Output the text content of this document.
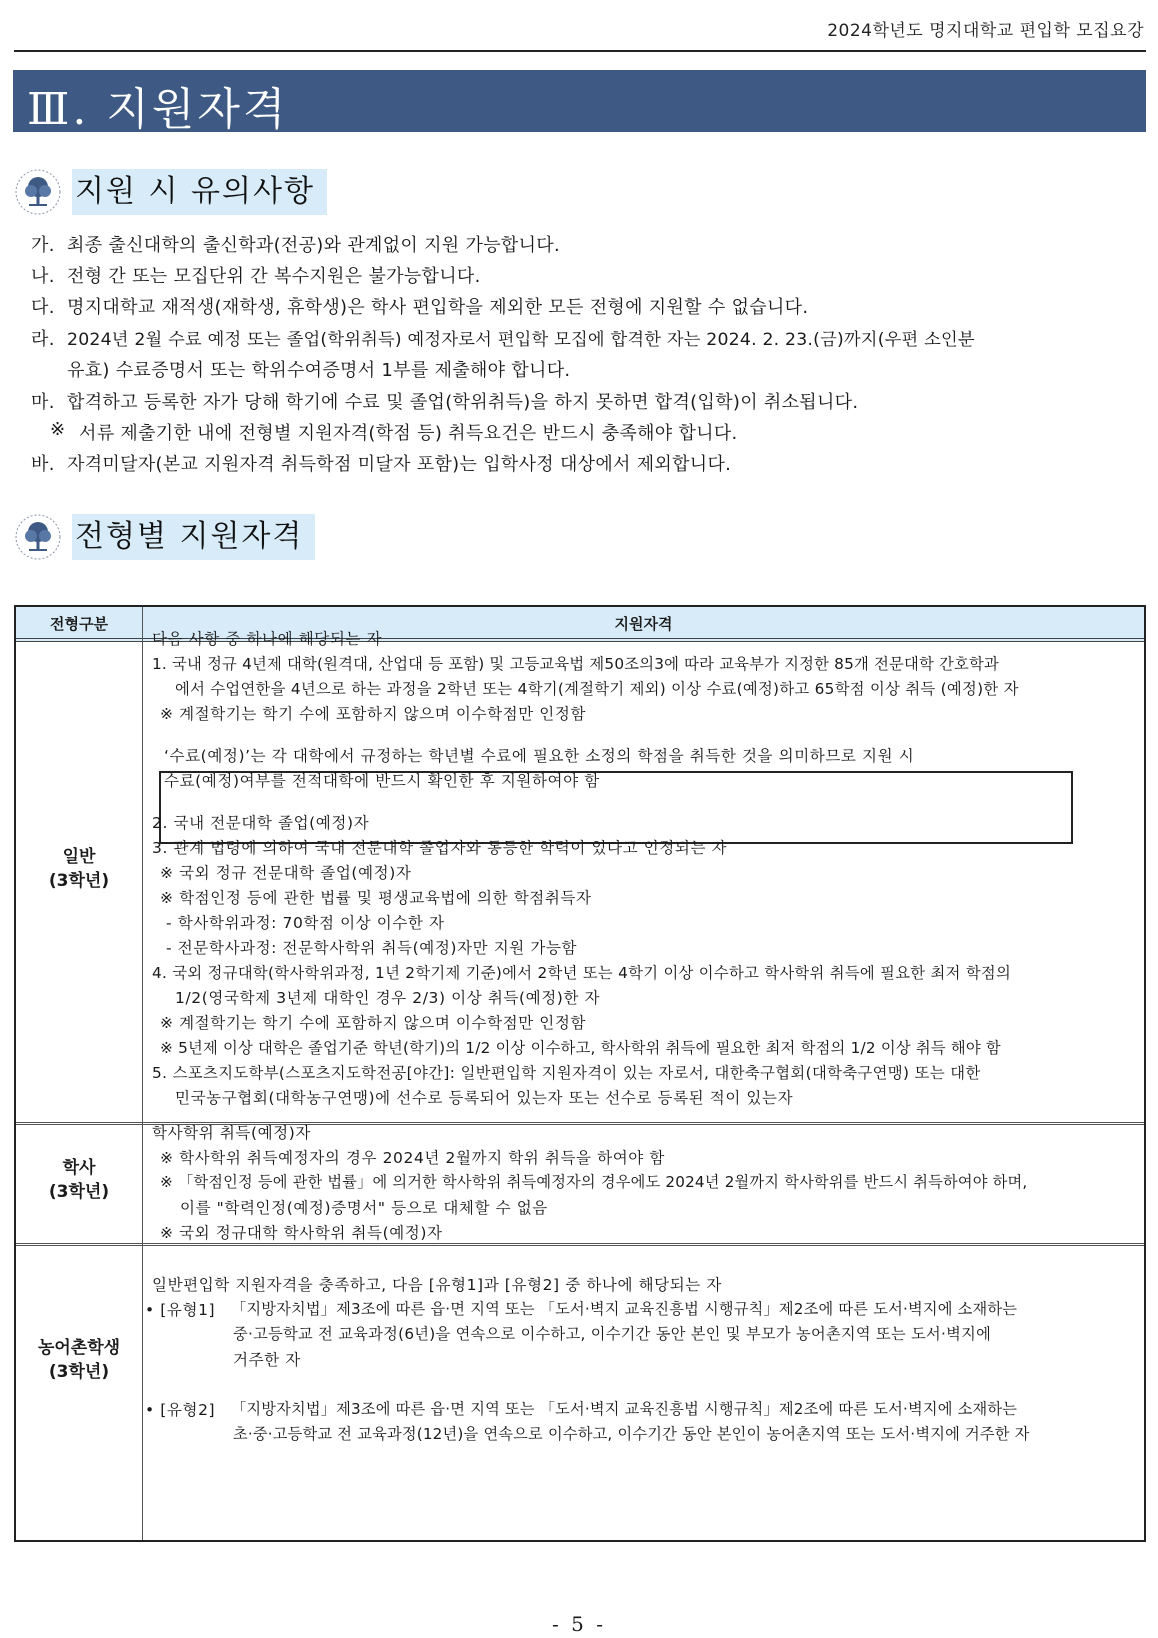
2024학년도 명지대학교 편입학 모집요강
Ⅲ. 지원자격
지원 시 유의사항
가. 최종 출신대학의 출신학과(전공)와 관계없이 지원 가능합니다.
나. 전형 간 또는 모집단위 간 복수지원은 불가능합니다.
다. 명지대학교 재적생(재학생, 휴학생)은 학사 편입학을 제외한 모든 전형에 지원할 수 없습니다.
라. 2024년 2월 수료 예정 또는 졸업(학위취득) 예정자로서 편입학 모집에 합격한 자는 2024. 2. 23.(금)까지(우편 소인분
유효) 수료증명서 또는 학위수여증명서 1부를 제출해야 합니다.
마. 합격하고 등록한 자가 당해 학기에 수료 및 졸업(학위취득)을 하지 못하면 합격(입학)이 취소됩니다.
※ 서류 제출기한 내에 전형별 지원자격(학점 등) 취득요건은 반드시 충족해야 합니다.
바. 자격미달자(본교 지원자격 취득학점 미달자 포함)는 입학사정 대상에서 제외합니다.
전형별 지원자격
전형구분	지원자격
일반
(3학년)
학사
(3학년)
농어촌학생
(3학년)
다음 사항 중 하나에 해당되는 자
1. 국내 정규 4년제 대학(원격대, 산업대 등 포함) 및 고등교육법 제50조의3에 따라 교육부가 지정한 85개 전문대학 간호학과
에서 수업연한을 4년으로 하는 과정을 2학년 또는 4학기(계절학기 제외) 이상 수료(예정)하고 65학점 이상 취득 (예정)한 자
※ 계절학기는 학기 수에 포함하지 않으며 이수학점만 인정함
‘수료(예정)’는 각 대학에서 규정하는 학년별 수료에 필요한 소정의 학점을 취득한 것을 의미하므로 지원 시
수료(예정)여부를 전적대학에 반드시 확인한 후 지원하여야 함
2. 국내 전문대학 졸업(예정)자
3. 관계 법령에 의하여 국내 전문대학 졸업자와 동등한 학력이 있다고 인정되는 자
※ 국외 정규 전문대학 졸업(예정)자
※ 학점인정 등에 관한 법률 및 평생교육법에 의한 학점취득자
- 학사학위과정: 70학점 이상 이수한 자
- 전문학사과정: 전문학사학위 취득(예정)자만 지원 가능함
4. 국외 정규대학(학사학위과정, 1년 2학기제 기준)에서 2학년 또는 4학기 이상 이수하고 학사학위 취득에 필요한 최저 학점의
1/2(영국학제 3년제 대학인 경우 2/3) 이상 취득(예정)한 자
※ 계절학기는 학기 수에 포함하지 않으며 이수학점만 인정함
※ 5년제 이상 대학은 졸업기준 학년(학기)의 1/2 이상 이수하고, 학사학위 취득에 필요한 최저 학점의 1/2 이상 취득 해야 함
5. 스포츠지도학부(스포츠지도학전공[야간]: 일반편입학 지원자격이 있는 자로서, 대한축구협회(대학축구연맹) 또는 대한
민국농구협회(대학농구연맹)에 선수로 등록되어 있는자 또는 선수로 등록된 적이 있는자
학사학위 취득(예정)자
※ 학사학위 취득예정자의 경우 2024년 2월까지 학위 취득을 하여야 함
※ 「학점인정 등에 관한 법률」에 의거한 학사학위 취득예정자의 경우에도 2024년 2월까지 학사학위를 반드시 취득하여야 하며,
이를 "학력인정(예정)증명서" 등으로 대체할 수 없음
※ 국외 정규대학 학사학위 취득(예정)자
일반편입학 지원자격을 충족하고, 다음 [유형1]과 [유형2] 중 하나에 해당되는 자
• [유형1] 「지방자치법」제3조에 따른 읍·면 지역 또는 「도서·벽지 교육진흥법 시행규칙」제2조에 따른 도서·벽지에 소재하는
중·고등학교 전 교육과정(6년)을 연속으로 이수하고, 이수기간 동안 본인 및 부모가 농어촌지역 또는 도서·벽지에
거주한 자
• [유형2] 「지방자치법」제3조에 따른 읍·면 지역 또는 「도서·벽지 교육진흥법 시행규칙」제2조에 따른 도서·벽지에 소재하는
초·중·고등학교 전 교육과정(12년)을 연속으로 이수하고, 이수기간 동안 본인이 농어촌지역 또는 도서·벽지에 거주한 자
- 5 -
